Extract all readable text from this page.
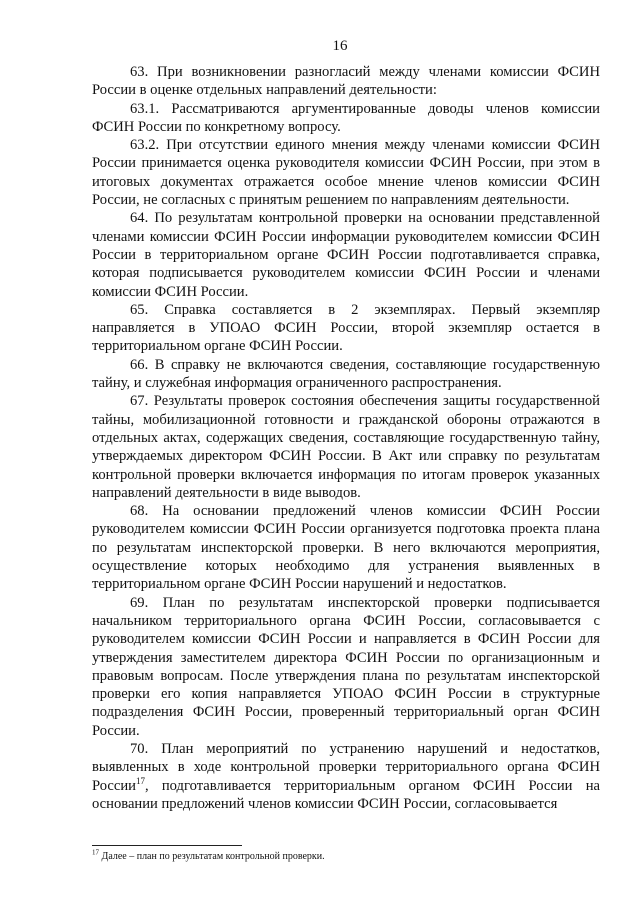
16

63. При возникновении разногласий между членами комиссии ФСИН России в оценке отдельных направлений деятельности:

63.1. Рассматриваются аргументированные доводы членов комиссии ФСИН России по конкретному вопросу.

63.2. При отсутствии единого мнения между членами комиссии ФСИН России принимается оценка руководителя комиссии ФСИН России, при этом в итоговых документах отражается особое мнение членов комиссии ФСИН России, не согласных с принятым решением по направлениям деятельности.

64. По результатам контрольной проверки на основании представленной членами комиссии ФСИН России информации руководителем комиссии ФСИН России в территориальном органе ФСИН России подготавливается справка, которая подписывается руководителем комиссии ФСИН России и членами комиссии ФСИН России.

65. Справка составляется в 2 экземплярах. Первый экземпляр направляется в УПОАО ФСИН России, второй экземпляр остается в территориальном органе ФСИН России.

66. В справку не включаются сведения, составляющие государственную тайну, и служебная информация ограниченного распространения.

67. Результаты проверок состояния обеспечения защиты государственной тайны, мобилизационной готовности и гражданской обороны отражаются в отдельных актах, содержащих сведения, составляющие государственную тайну, утверждаемых директором ФСИН России. В Акт или справку по результатам контрольной проверки включается информация по итогам проверок указанных направлений деятельности в виде выводов.

68. На основании предложений членов комиссии ФСИН России руководителем комиссии ФСИН России организуется подготовка проекта плана по результатам инспекторской проверки. В него включаются мероприятия, осуществление которых необходимо для устранения выявленных в территориальном органе ФСИН России нарушений и недостатков.

69. План по результатам инспекторской проверки подписывается начальником территориального органа ФСИН России, согласовывается с руководителем комиссии ФСИН России и направляется в ФСИН России для утверждения заместителем директора ФСИН России по организационным и правовым вопросам. После утверждения плана по результатам инспекторской проверки его копия направляется УПОАО ФСИН России в структурные подразделения ФСИН России, проверенный территориальный орган ФСИН России.

70. План мероприятий по устранению нарушений и недостатков, выявленных в ходе контрольной проверки территориального органа ФСИН России$^{17}$, подготавливается территориальным органом ФСИН России на основании предложений членов комиссии ФСИН России, согласовывается

$^{17}$ Далее – план по результатам контрольной проверки.
